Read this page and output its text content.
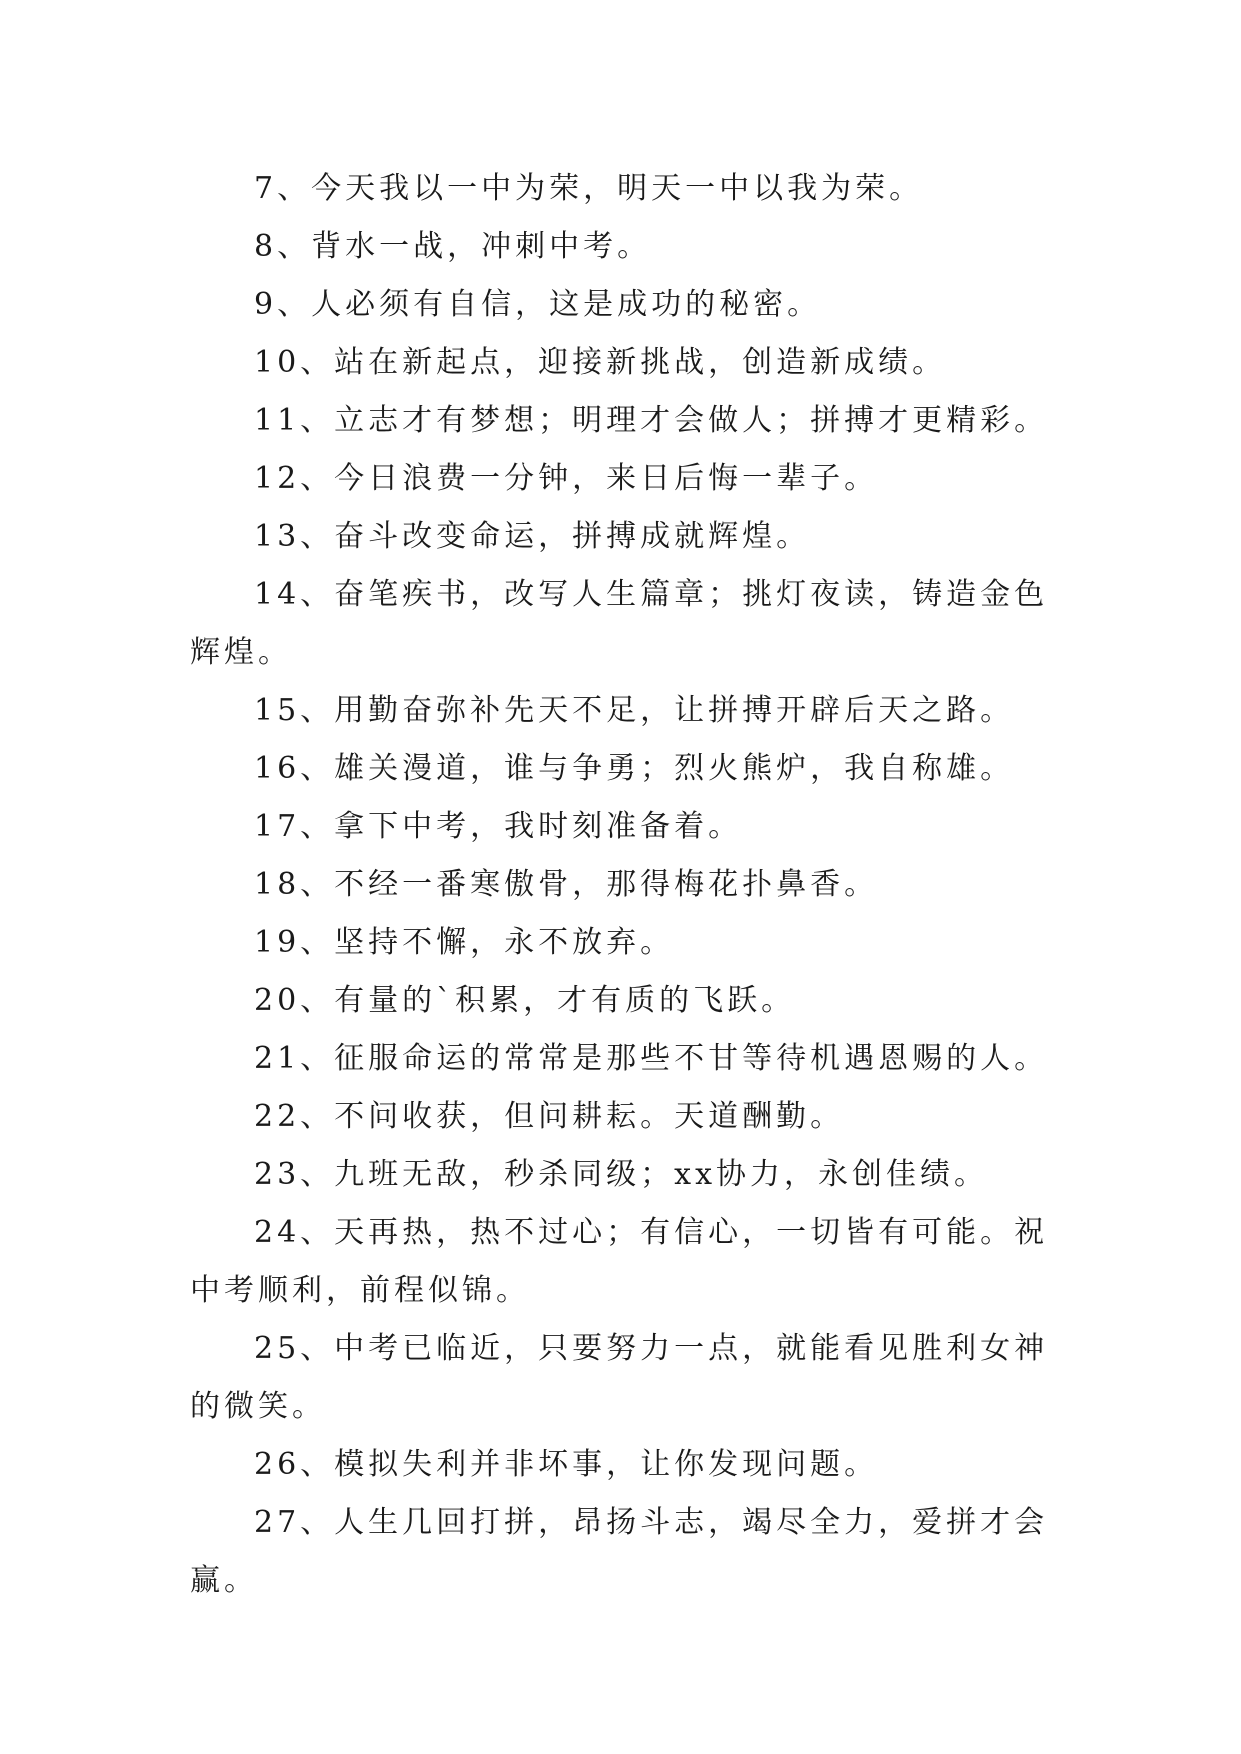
7、今天我以一中为荣，明天一中以我为荣。

8、背水一战，冲刺中考。

9、人必须有自信，这是成功的秘密。

10、站在新起点，迎接新挑战，创造新成绩。

11、立志才有梦想；明理才会做人；拼搏才更精彩。

12、今日浪费一分钟，来日后悔一辈子。

13、奋斗改变命运，拼搏成就辉煌。

14、奋笔疾书，改写人生篇章；挑灯夜读，铸造金色辉煌。

15、用勤奋弥补先天不足，让拼搏开辟后天之路。

16、雄关漫道，谁与争勇；烈火熊炉，我自称雄。

17、拿下中考，我时刻准备着。

18、不经一番寒傲骨，那得梅花扑鼻香。

19、坚持不懈，永不放弃。

20、有量的`积累，才有质的飞跃。

21、征服命运的常常是那些不甘等待机遇恩赐的人。

22、不问收获，但问耕耘。天道酬勤。

23、九班无敌，秒杀同级；xx协力，永创佳绩。

24、天再热，热不过心；有信心，一切皆有可能。祝中考顺利，前程似锦。

25、中考已临近，只要努力一点，就能看见胜利女神的微笑。

26、模拟失利并非坏事，让你发现问题。

27、人生几回打拼，昂扬斗志，竭尽全力，爱拼才会赢。
